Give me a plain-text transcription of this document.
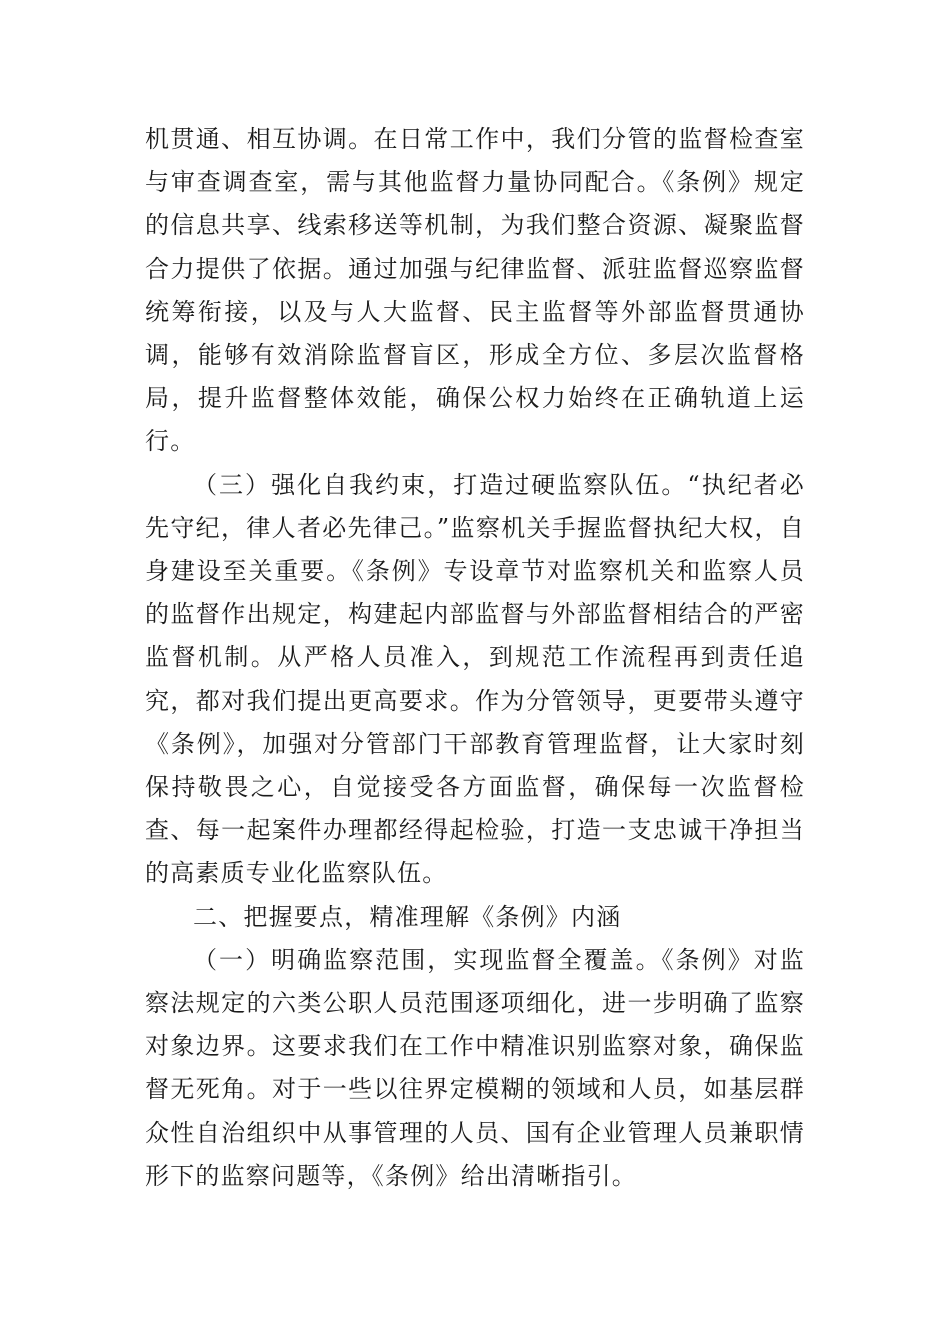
机贯通、相互协调。在日常工作中，我们分管的监督检查室与审查调查室，需与其他监督力量协同配合。《条例》规定的信息共享、线索移送等机制，为我们整合资源、凝聚监督合力提供了依据。通过加强与纪律监督、派驻监督巡察监督统筹衔接，以及与人大监督、民主监督等外部监督贯通协调，能够有效消除监督盲区，形成全方位、多层次监督格局，提升监督整体效能，确保公权力始终在正确轨道上运行。

（三）强化自我约束，打造过硬监察队伍。“执纪者必先守纪，律人者必先律己。”监察机关手握监督执纪大权，自身建设至关重要。《条例》专设章节对监察机关和监察人员的监督作出规定，构建起内部监督与外部监督相结合的严密监督机制。从严格人员准入，到规范工作流程再到责任追究，都对我们提出更高要求。作为分管领导，更要带头遵守《条例》，加强对分管部门干部教育管理监督，让大家时刻保持敬畏之心，自觉接受各方面监督，确保每一次监督检查、每一起案件办理都经得起检验，打造一支忠诚干净担当的高素质专业化监察队伍。

二、把握要点，精准理解《条例》内涵

（一）明确监察范围，实现监督全覆盖。《条例》对监察法规定的六类公职人员范围逐项细化，进一步明确了监察对象边界。这要求我们在工作中精准识别监察对象，确保监督无死角。对于一些以往界定模糊的领域和人员，如基层群众性自治组织中从事管理的人员、国有企业管理人员兼职情形下的监察问题等，《条例》给出清晰指引。
